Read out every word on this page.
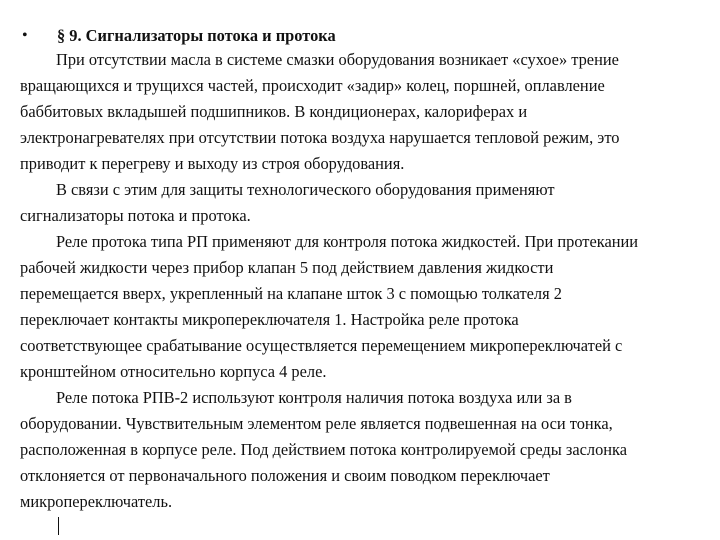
• § 9. Сигнализаторы потока и протока
При отсутствии масла в системе смазки оборудования возникает «сухое» трение
вращающихся и трущихся частей, происходит «задир» колец, поршней, оплавление
баббитовых вкладышей подшипников. В кондиционерах, калориферах и
электронагревателях при отсутствии потока воздуха нарушается тепловой режим, это
приводит к перегреву и выходу из строя оборудования.
В связи с этим для защиты технологического оборудования применяют
сигнализаторы потока и протока.
Реле протока типа РП применяют для контроля потока жидкостей. При протекании
рабочей жидкости через прибор клапан 5 под действием давления жидкости
перемещается вверх, укрепленный на клапане шток 3 с помощью толкателя 2
переключает контакты микропереключателя 1. Настройка реле протока
соответствующее срабатывание осуществляется перемещением микропереключатей с
кронштейном относительно корпуса 4 реле.
Реле потока РПВ-2 используют контроля наличия потока воздуха или за в
оборудовании. Чувствительным элементом реле является подвешенная на оси тонка,
расположенная в корпусе реле. Под действием потока контролируемой среды заслонка
отклоняется от первоначального положения и своим поводком переключает
микропереключатель.
